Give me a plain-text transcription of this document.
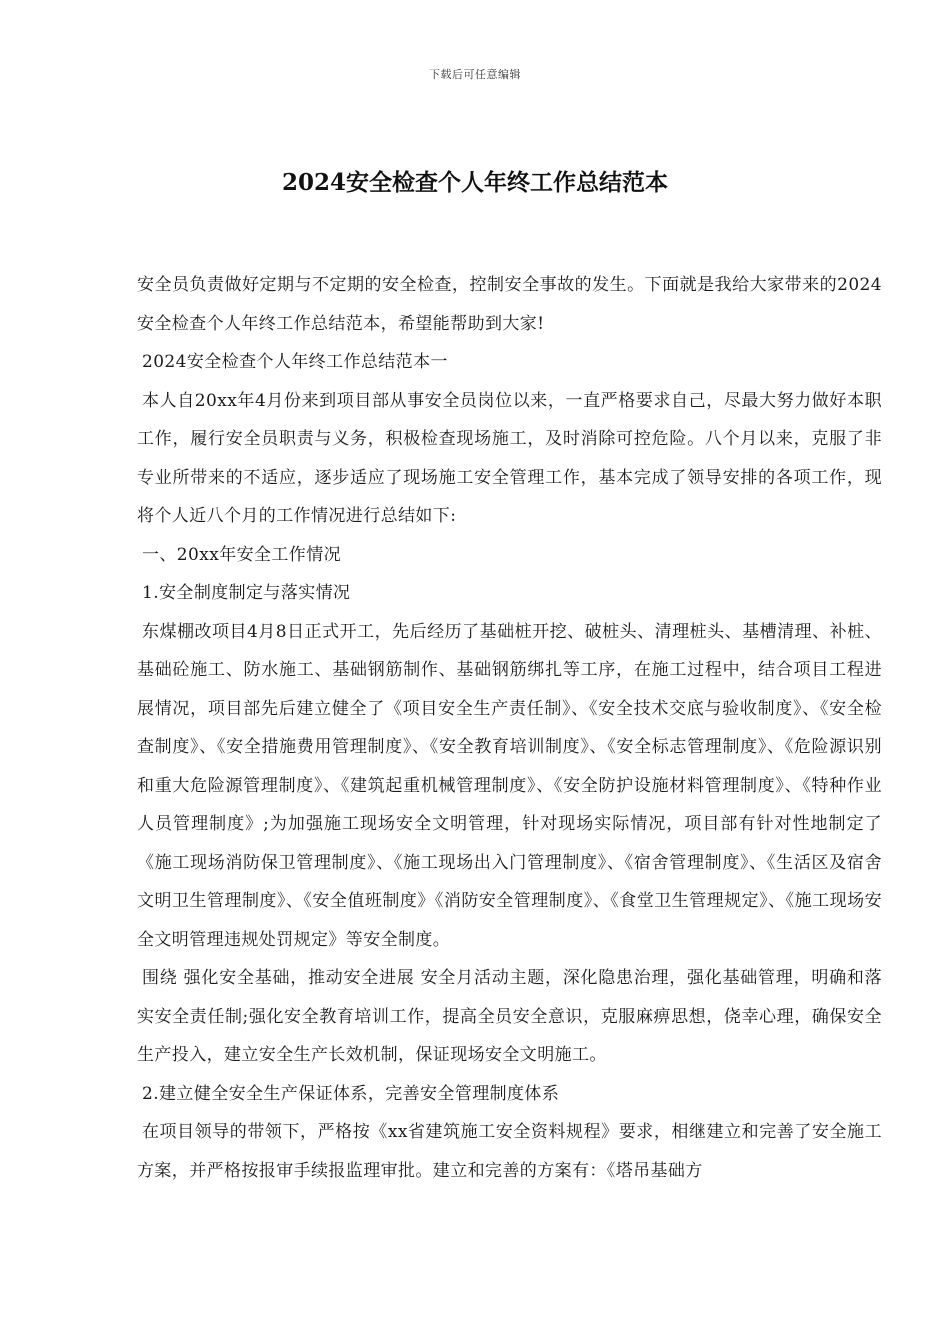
下载后可任意编辑
2024安全检查个人年终工作总结范本

安全员负责做好定期与不定期的安全检查，控制安全事故的发生。下面就是我给大家带来的2024安全检查个人年终工作总结范本，希望能帮助到大家!

2024安全检查个人年终工作总结范本一

本人自20xx年4月份来到项目部从事安全员岗位以来，一直严格要求自己，尽最大努力做好本职工作，履行安全员职责与义务，积极检查现场施工，及时消除可控危险。八个月以来，克服了非专业所带来的不适应，逐步适应了现场施工安全管理工作，基本完成了领导安排的各项工作，现将个人近八个月的工作情况进行总结如下:

一、20xx年安全工作情况

1.安全制度制定与落实情况

东煤棚改项目4月8日正式开工，先后经历了基础桩开挖、破桩头、清理桩头、基槽清理、补桩、基础砼施工、防水施工、基础钢筋制作、基础钢筋绑扎等工序，在施工过程中，结合项目工程进展情况，项目部先后建立健全了《项目安全生产责任制》、《安全技术交底与验收制度》、《安全检查制度》、《安全措施费用管理制度》、《安全教育培训制度》、《安全标志管理制度》、《危险源识别和重大危险源管理制度》、《建筑起重机械管理制度》、《安全防护设施材料管理制度》、《特种作业人员管理制度》;为加强施工现场安全文明管理，针对现场实际情况，项目部有针对性地制定了《施工现场消防保卫管理制度》、《施工现场出入门管理制度》、《宿舍管理制度》、《生活区及宿舍文明卫生管理制度》、《安全值班制度》《消防安全管理制度》、《食堂卫生管理规定》、《施工现场安全文明管理违规处罚规定》等安全制度。

围绕 强化安全基础，推动安全进展 安全月活动主题，深化隐患治理，强化基础管理，明确和落实安全责任制;强化安全教育培训工作，提高全员安全意识，克服麻痹思想，侥幸心理，确保安全生产投入，建立安全生产长效机制，保证现场安全文明施工。

2.建立健全安全生产保证体系，完善安全管理制度体系

在项目领导的带领下，严格按《xx省建筑施工安全资料规程》要求，相继建立和完善了安全施工方案，并严格按报审手续报监理审批。建立和完善的方案有：《塔吊基础方
